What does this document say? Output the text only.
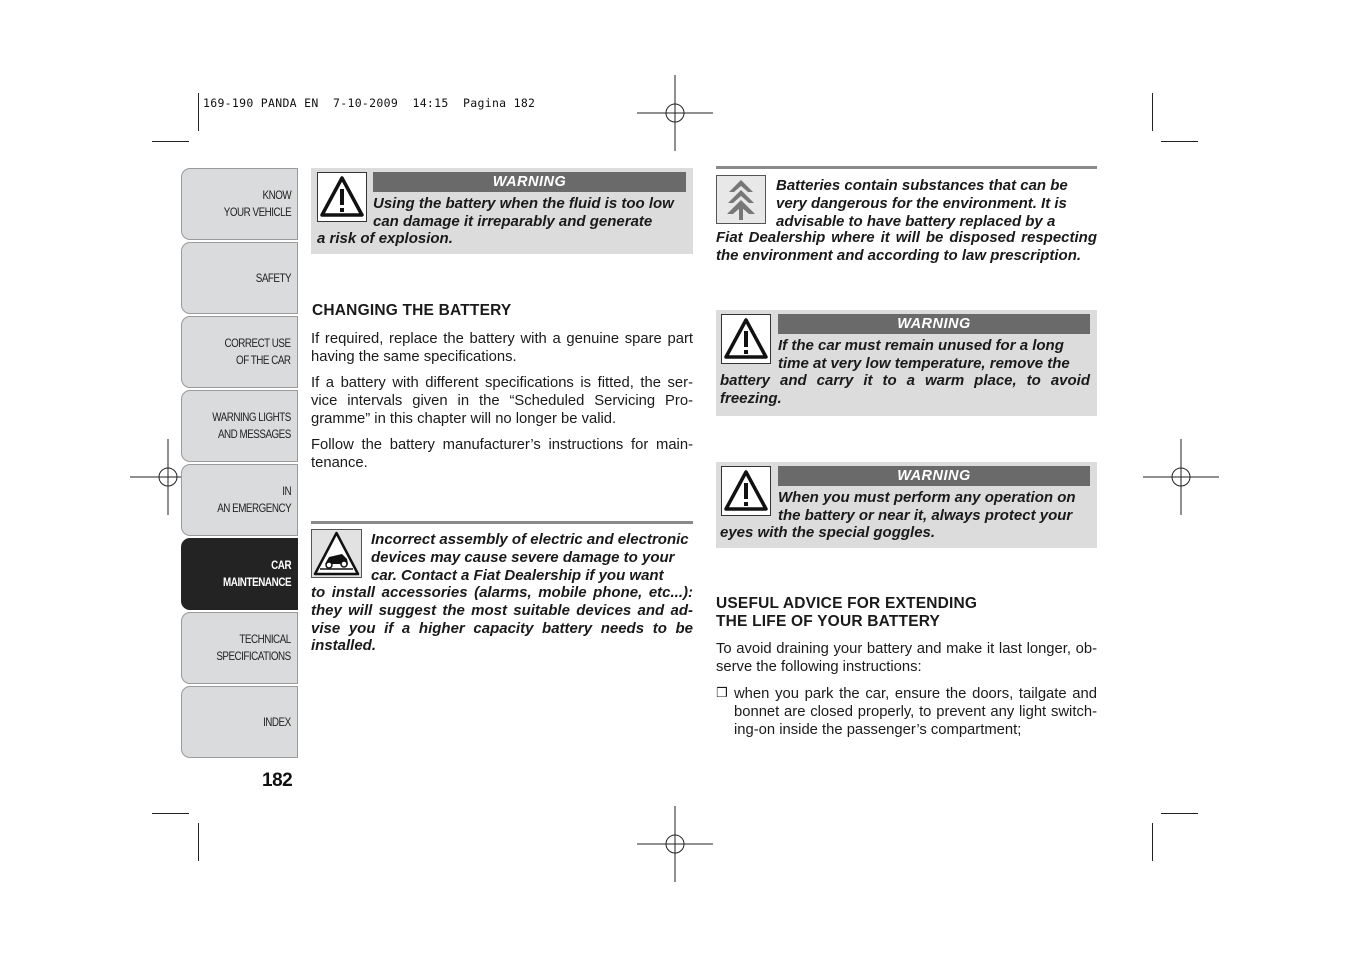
169-190 PANDA EN  7-10-2009  14:15  Pagina 182
KNOW
YOUR VEHICLE
SAFETY
CORRECT USE
OF THE CAR
WARNING LIGHTS
AND MESSAGES
IN
AN EMERGENCY
CAR
MAINTENANCE
TECHNICAL
SPECIFICATIONS
INDEX
182
WARNING
Using the battery when the fluid is too low
can damage it irreparably and generate
a risk of explosion.
CHANGING THE BATTERY
If required, replace the battery with a genuine spare part having the same specifications.
If a battery with different specifications is fitted, the ser-vice intervals given in the “Scheduled Servicing Pro-gramme” in this chapter will no longer be valid.
Follow the battery manufacturer’s instructions for main-tenance.
Incorrect assembly of electric and electronic
devices may cause severe damage to your
car. Contact a Fiat Dealership if you want
to install accessories (alarms, mobile phone, etc...): they will suggest the most suitable devices and ad-vise you if a higher capacity battery needs to be installed.
Batteries contain substances that can be
very dangerous for the environment. It is
advisable to have battery replaced by a
Fiat Dealership where it will be disposed respecting the environment and according to law prescription.
WARNING
If the car must remain unused for a long
time at very low temperature, remove the
battery and carry it to a warm place, to avoid freezing.
WARNING
When you must perform any operation on
the battery or near it, always protect your
eyes with the special goggles.
USEFUL ADVICE FOR EXTENDING
THE LIFE OF YOUR BATTERY
To avoid draining your battery and make it last longer, ob-serve the following instructions:
❒ when you park the car, ensure the doors, tailgate and bonnet are closed properly, to prevent any light switch-ing-on inside the passenger’s compartment;
